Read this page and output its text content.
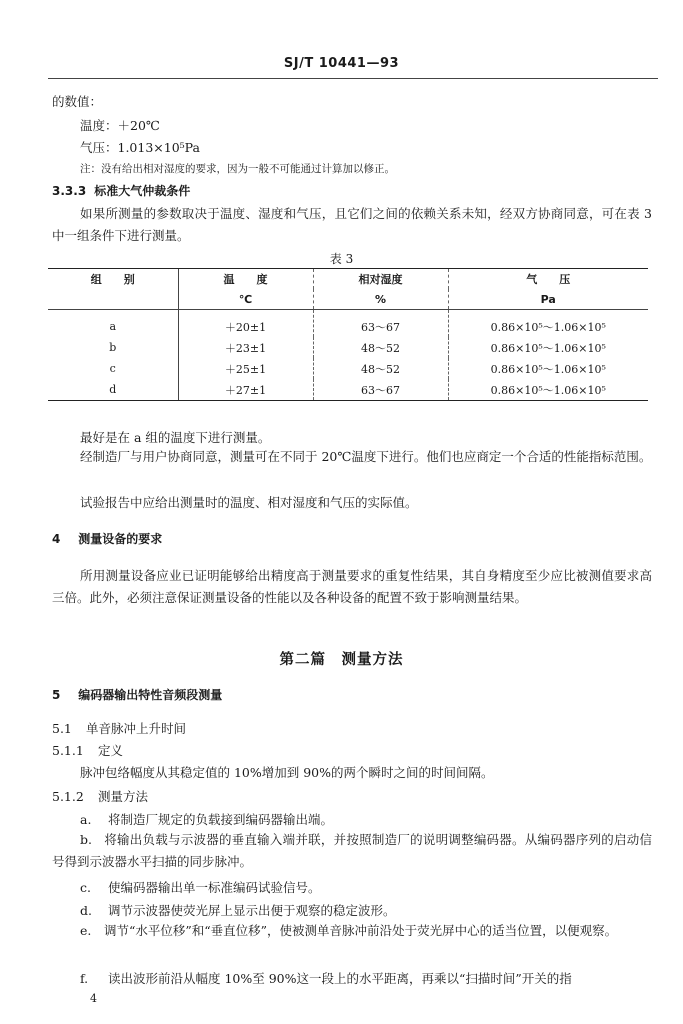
SJ/T 10441—93
的数值：
温度：＋20℃
气压：1.013×10⁵Pa
注：没有给出相对湿度的要求，因为一般不可能通过计算加以修正。
3.3.3 标准大气仲裁条件
如果所测量的参数取决于温度、湿度和气压，且它们之间的依赖关系未知，经双方协商同意，可在表 3 中一组条件下进行测量。
表 3
组　　别	温　　度	相对湿度	气　　压
	℃	%	Pa
a	＋20±1	63～67	0.86×10⁵～1.06×10⁵
b	＋23±1	48～52	0.86×10⁵～1.06×10⁵
c	＋25±1	48～52	0.86×10⁵～1.06×10⁵
d	＋27±1	63～67	0.86×10⁵～1.06×10⁵
最好是在 a 组的温度下进行测量。
经制造厂与用户协商同意，测量可在不同于 20℃温度下进行。他们也应商定一个合适的性能指标范围。
试验报告中应给出测量时的温度、相对湿度和气压的实际值。
4 测量设备的要求
所用测量设备应业已证明能够给出精度高于测量要求的重复性结果，其自身精度至少应比被测值要求高三倍。此外，必须注意保证测量设备的性能以及各种设备的配置不致于影响测量结果。
第二篇　测量方法
5 编码器输出特性音频段测量
5.1 单音脉冲上升时间
5.1.1 定义
脉冲包络幅度从其稳定值的 10%增加到 90%的两个瞬时之间的时间间隔。
5.1.2 测量方法
a. 将制造厂规定的负载接到编码器输出端。
b. 将输出负载与示波器的垂直输入端并联，并按照制造厂的说明调整编码器。从编码器序列的启动信号得到示波器水平扫描的同步脉冲。
c. 使编码器输出单一标准编码试验信号。
d. 调节示波器使荧光屏上显示出便于观察的稳定波形。
e. 调节“水平位移”和“垂直位移”，使被测单音脉冲前沿处于荧光屏中心的适当位置，以便观察。
f. 读出波形前沿从幅度 10%至 90%这一段上的水平距离，再乘以“扫描时间”开关的指
4
